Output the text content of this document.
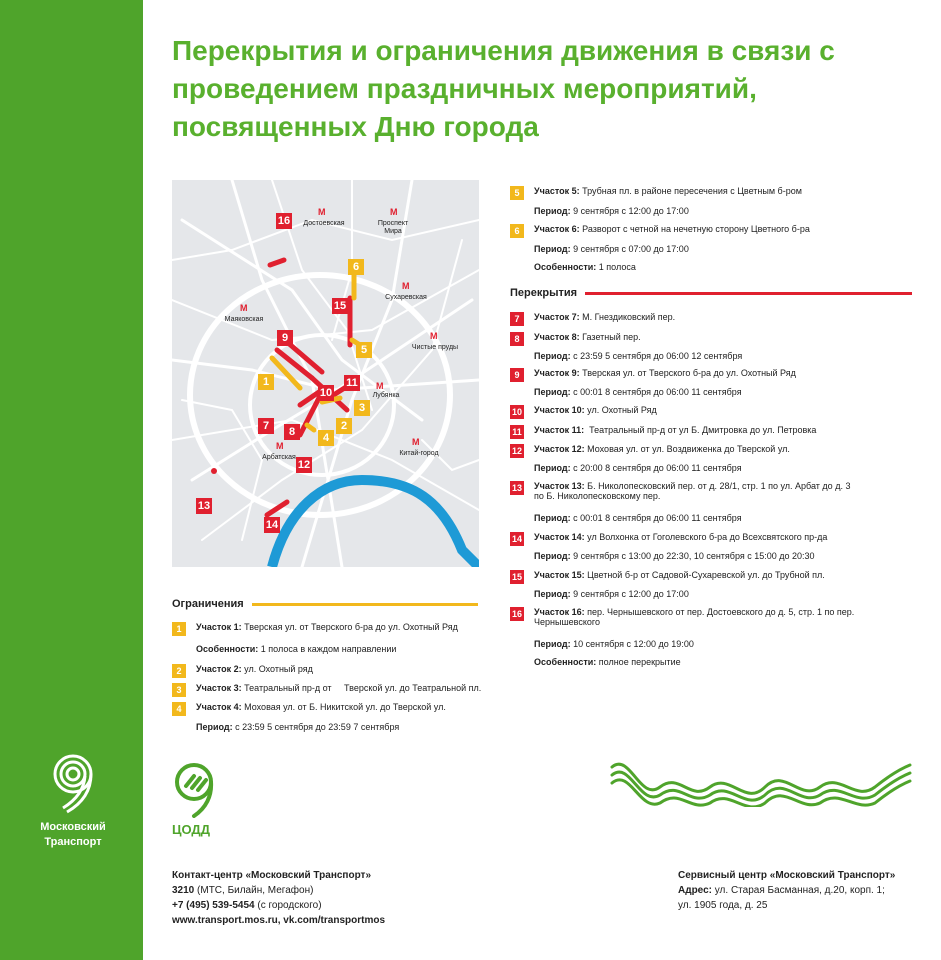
Московский
Транспорт
Перекрытия и ограничения движения в связи с проведением праздничных мероприятий, посвященных Дню города
М
Достоевская
М
Проспект Мира
М
Сухаревская
М
Маяковская
М
Чистые пруды
М
Лубянка
М
Арбатская
М
Китай-город
16
6
15
9
5
1
10
11
3
2
7	8	4
12
13
14
Ограничения
1	Участок 1: Тверская ул. от Тверского б-ра до ул. Охотный Ряд
Особенности: 1 полоса в каждом направлении
2	Участок 2: ул. Охотный ряд
3	Участок 3: Театральный пр-д от     Тверской ул. до Театральной пл.
4	Участок 4: Моховая ул. от Б. Никитской ул. до Тверской ул.
Период: с 23:59 5 сентября до 23:59 7 сентября
5	Участок 5: Трубная пл. в районе пересечения с Цветным б-ром
Период: 9 сентября с 12:00 до 17:00
6	Участок 6: Разворот с четной на нечетную сторону Цветного б-ра
Период: 9 сентября с 07:00 до 17:00
Особенности: 1 полоса
Перекрытия
7	Участок 7: М. Гнездиковский пер.
8	Участок 8: Газетный пер.
Период: с 23:59 5 сентября до 06:00 12 сентября
9	Участок 9: Тверская ул. от Тверского б-ра до ул. Охотный Ряд
Период: с 00:01 8 сентября до 06:00 11 сентября
10 Участок 10: ул. Охотный Ряд
11 Участок 11:  Театральный пр-д от ул Б. Дмитровка до ул. Петровка
12 Участок 12: Моховая ул. от ул. Воздвиженка до Тверской ул.
Период: с 20:00 8 сентября до 06:00 11 сентября
13 Участок 13: Б. Николопесковский пер. от д. 28/1, стр. 1 по ул. Арбат до д. 3 по Б. Николопесковскому пер.
Период: с 00:01 8 сентября до 06:00 11 сентября
14 Участок 14: ул Волхонка от Гоголевского б-ра до Всехсвятского пр-да
Период: 9 сентября с 13:00 до 22:30, 10 сентября с 15:00 до 20:30
15 Участок 15: Цветной б-р от Садовой-Сухаревской ул. до Трубной пл.
Период: 9 сентября с 12:00 до 17:00
16 Участок 16: пер. Чернышевского от пер. Достоевского до д. 5, стр. 1 по пер. Чернышевского
Период: 10 сентября с 12:00 до 19:00
Особенности: полное перекрытие
ЦОДД
Контакт-центр «Московский Транспорт»
3210 (МТС, Билайн, Мегафон)
+7 (495) 539-5454 (с городского)
www.transport.mos.ru, vk.com/transportmos
Сервисный центр «Московский Транспорт»
Адрес: ул. Старая Басманная, д.20, корп. 1;
ул. 1905 года, д. 25
